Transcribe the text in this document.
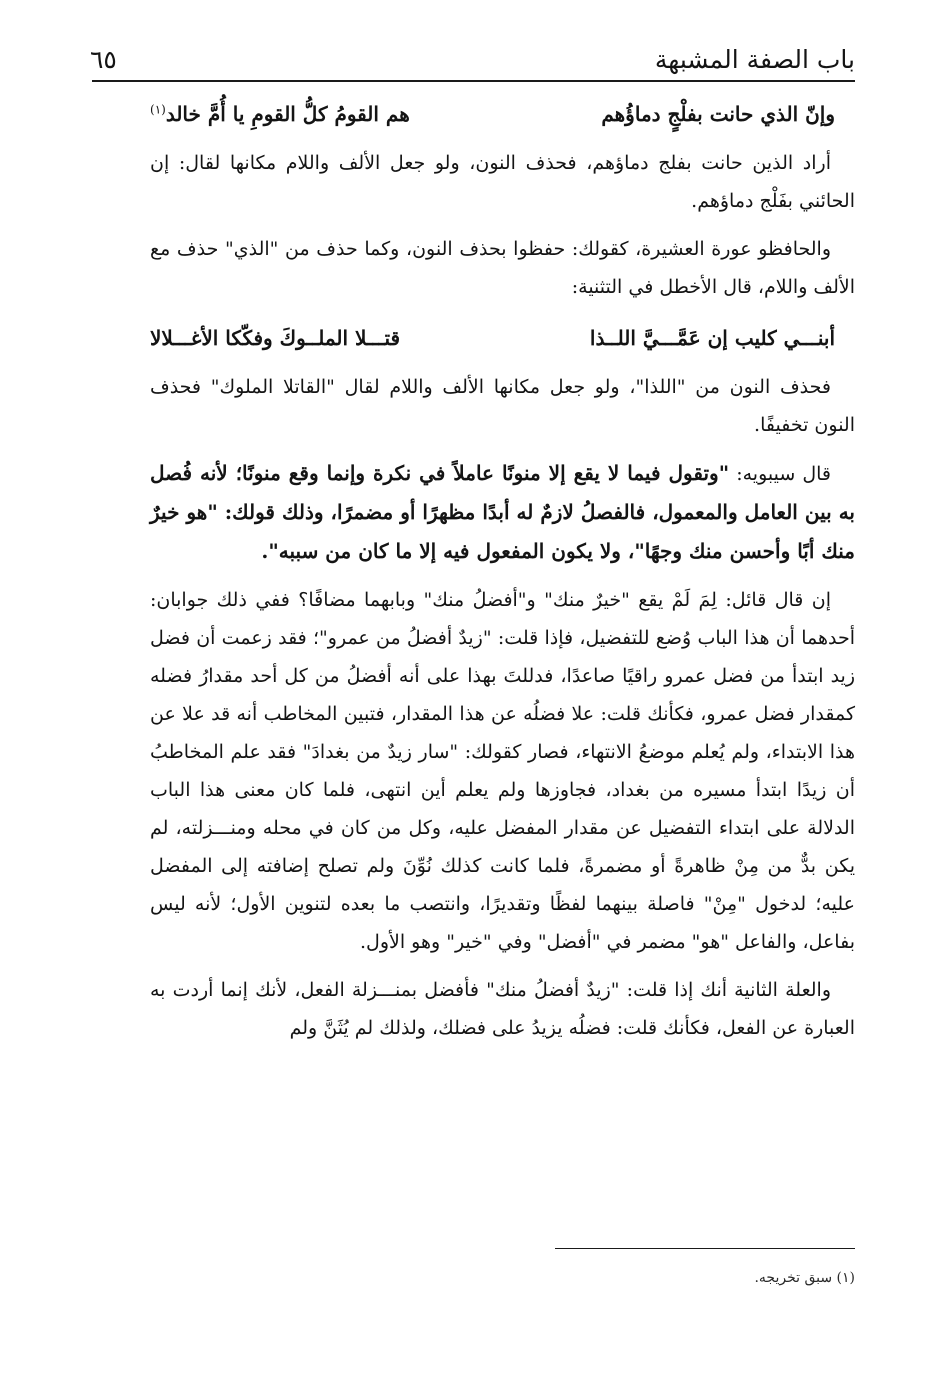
باب الصفة المشبهة
٦٥
وإنّ الذي حانت بفلْجٍ دماؤُهم
هم القومُ كلُّ القومِ يا أُمَّ خالد$^{(١)}$

أراد الذين حانت بفلج دماؤهم، فحذف النون، ولو جعل الألف واللام مكانها لقال: إن الحائني بفَلْج دماؤهم.

والحافظو عورة العشيرة، كقولك: حفظوا بحذف النون، وكما حذف من "الذي" حذف مع الألف واللام، قال الأخطل في التثنية:

أبنـــي كليب إن عَمَّـــيَّ اللــذا
قتـــلا الملــوكَ وفكّكا الأغـــلالا

فحذف النون من "اللذا"، ولو جعل مكانها الألف واللام لقال "القاتلا الملوك" فحذف النون تخفيفًا.

قال سيبويه: "وتقول فيما لا يقع إلا منونًا عاملاً في نكرة وإنما وقع منونًا؛ لأنه فُصل به بين العامل والمعمول، فالفصلُ لازمٌ له أبدًا مظهرًا أو مضمرًا، وذلك قولك: "هو خيرٌ منك أبًا وأحسن منك وجهًا"، ولا يكون المفعول فيه إلا ما كان من سببه".

إن قال قائل: لِمَ لَمْ يقع "خيرٌ منك" و"أفضلُ منك" وبابهما مضافًا؟ ففي ذلك جوابان: أحدهما أن هذا الباب وُضع للتفضيل، فإذا قلت: "زيدٌ أفضلُ من عمرو"؛ فقد زعمت أن فضل زيد ابتدأ من فضل عمرو راقيًا صاعدًا، فدللتَ بهذا على أنه أفضلُ من كل أحد مقدارُ فضله كمقدار فضل عمرو، فكأنك قلت: علا فضلُه عن هذا المقدار، فتبين المخاطب أنه قد علا عن هذا الابتداء، ولم يُعلم موضعُ الانتهاء، فصار كقولك: "سار زيدٌ من بغدادَ" فقد علم المخاطبُ أن زيدًا ابتدأ مسيره من بغداد، فجاوزها ولم يعلم أين انتهى، فلما كان معنى هذا الباب الدلالة على ابتداء التفضيل عن مقدار المفضل عليه، وكل من كان في محله ومنـــزلته، لم يكن بدٌّ من مِنْ ظاهرةً أو مضمرةً، فلما كانت كذلك نُوِّنَ ولم تصلح إضافته إلى المفضل عليه؛ لدخول "مِنْ" فاصلة بينهما لفظًا وتقديرًا، وانتصب ما بعده لتنوين الأول؛ لأنه ليس بفاعل، والفاعل "هو" مضمر في "أفضل" وفي "خير" وهو الأول.

والعلة الثانية أنك إذا قلت: "زيدٌ أفضلُ منك" فأفضل بمنـــزلة الفعل، لأنك إنما أردت به العبارة عن الفعل، فكأنك قلت: فضلُه يزيدُ على فضلك، ولذلك لم يُثَنَّ ولم

(١) سبق تخريجه.
